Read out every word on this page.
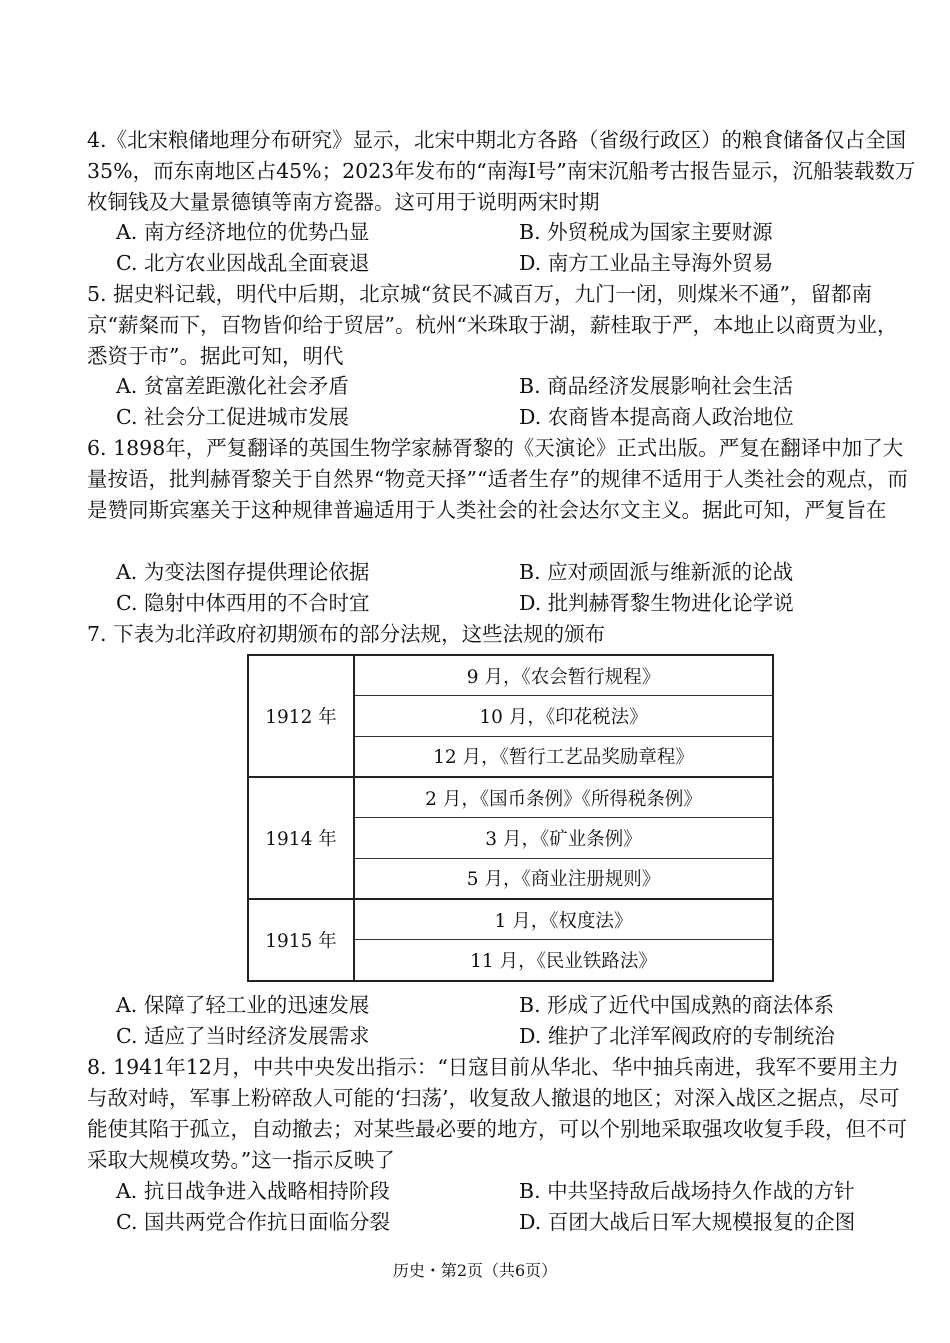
4.《北宋粮储地理分布研究》显示，北宋中期北方各路（省级行政区）的粮食储备仅占全国35%，而东南地区占45%；2023年发布的“南海Ⅰ号”南宋沉船考古报告显示，沉船装载数万枚铜钱及大量景德镇等南方瓷器。这可用于说明两宋时期
A. 南方经济地位的优势凸显	B. 外贸税成为国家主要财源
C. 北方农业因战乱全面衰退	D. 南方工业品主导海外贸易
5. 据史料记载，明代中后期，北京城“贫民不减百万，九门一闭，则煤米不通”，留都南京“薪粲而下，百物皆仰给于贸居”。杭州“米珠取于湖，薪桂取于严，本地止以商贾为业，悉资于市”。据此可知，明代
A. 贫富差距激化社会矛盾	B. 商品经济发展影响社会生活
C. 社会分工促进城市发展	D. 农商皆本提高商人政治地位
6. 1898年，严复翻译的英国生物学家赫胥黎的《天演论》正式出版。严复在翻译中加了大量按语，批判赫胥黎关于自然界“物竞天择”“适者生存”的规律不适用于人类社会的观点，而是赞同斯宾塞关于这种规律普遍适用于人类社会的社会达尔文主义。据此可知，严复旨在
A. 为变法图存提供理论依据	B. 应对顽固派与维新派的论战
C. 隐射中体西用的不合时宜	D. 批判赫胥黎生物进化论学说
7. 下表为北洋政府初期颁布的部分法规，这些法规的颁布
1912 年	9 月，《农会暂行规程》
	10 月，《印花税法》
	12 月，《暂行工艺品奖励章程》
1914 年	2 月，《国币条例》《所得税条例》
	3 月，《矿业条例》
	5 月，《商业注册规则》
1915 年	1 月，《权度法》
	11 月，《民业铁路法》
A. 保障了轻工业的迅速发展	B. 形成了近代中国成熟的商法体系
C. 适应了当时经济发展需求	D. 维护了北洋军阀政府的专制统治
8. 1941年12月，中共中央发出指示：“日寇目前从华北、华中抽兵南进，我军不要用主力与敌对峙，军事上粉碎敌人可能的‘扫荡’，收复敌人撤退的地区；对深入战区之据点，尽可能使其陷于孤立，自动撤去；对某些最必要的地方，可以个别地采取强攻收复手段，但不可采取大规模攻势。”这一指示反映了
A. 抗日战争进入战略相持阶段	B. 中共坚持敌后战场持久作战的方针
C. 国共两党合作抗日面临分裂	D. 百团大战后日军大规模报复的企图
历史・第2页（共6页）
